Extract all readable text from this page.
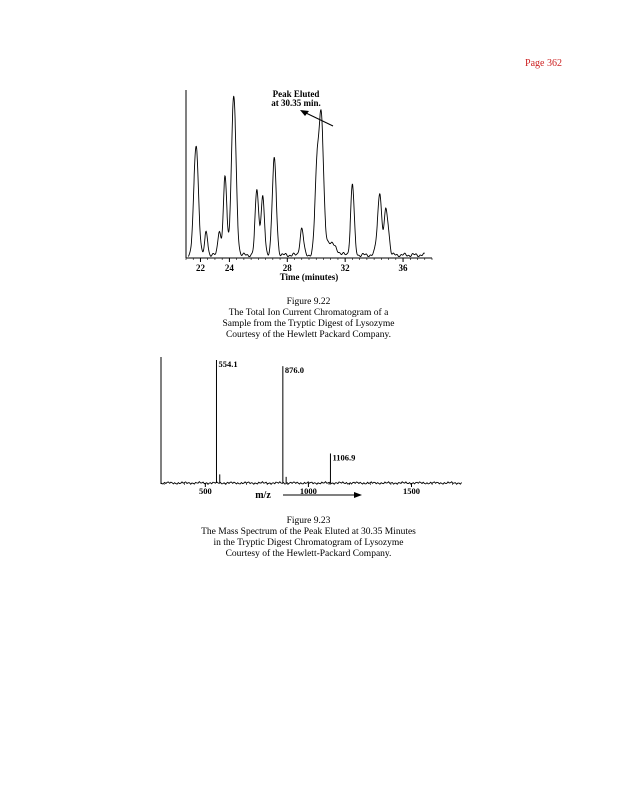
Page 362
22 24	28	32	36
Time (minutes)
Peak Eluted
at 30.35 min.
554.1
876.0
1106.9
500	1000	1500
m/z
Figure 9.22
The Total Ion Current Chromatogram of a
Sample from the Tryptic Digest of Lysozyme
Courtesy of the Hewlett Packard Company.
Figure 9.23
The Mass Spectrum of the Peak Eluted at 30.35 Minutes
in the Tryptic Digest Chromatogram of Lysozyme
Courtesy of the Hewlett-Packard Company.
